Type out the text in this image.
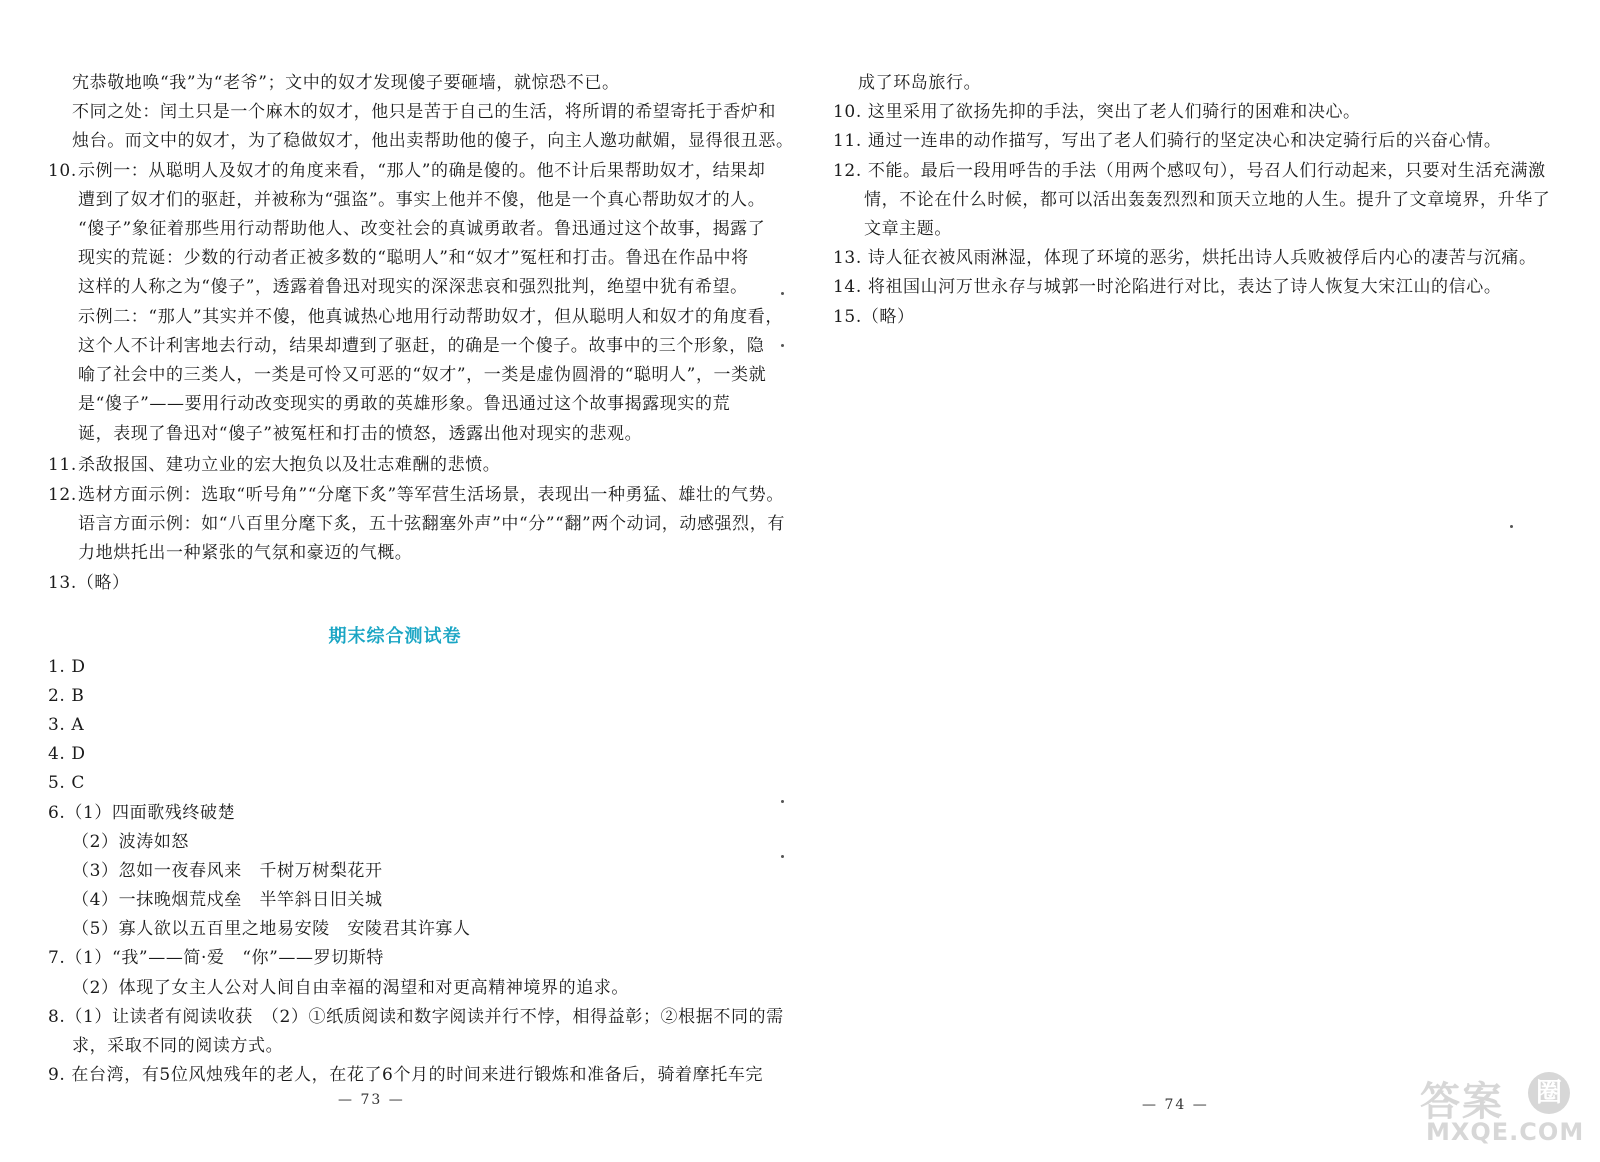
宄恭敬地唤“我”为“老爷”；文中的奴才发现傻子要砸墙，就惊恐不已。
不同之处：闰土只是一个麻木的奴才，他只是苦于自己的生活，将所谓的希望寄托于香炉和
烛台。而文中的奴才，为了稳做奴才，他出卖帮助他的傻子，向主人邀功献媚，显得很丑恶。
10. 示例一：从聪明人及奴才的角度来看，“那人”的确是傻的。他不计后果帮助奴才，结果却
遭到了奴才们的驱赶，并被称为“强盗”。事实上他并不傻，他是一个真心帮助奴才的人。
“傻子”象征着那些用行动帮助他人、改变社会的真诚勇敢者。鲁迅通过这个故事，揭露了
现实的荒诞：少数的行动者正被多数的“聪明人”和“奴才”冤枉和打击。鲁迅在作品中将
这样的人称之为“傻子”，透露着鲁迅对现实的深深悲哀和强烈批判，绝望中犹有希望。
示例二：“那人”其实并不傻，他真诚热心地用行动帮助奴才，但从聪明人和奴才的角度看，
这个人不计利害地去行动，结果却遭到了驱赶，的确是一个傻子。故事中的三个形象，隐
喻了社会中的三类人，一类是可怜又可恶的“奴才”，一类是虚伪圆滑的“聪明人”，一类就
是“傻子”——要用行动改变现实的勇敢的英雄形象。鲁迅通过这个故事揭露现实的荒
诞，表现了鲁迅对“傻子”被冤枉和打击的愤怒，透露出他对现实的悲观。
11. 杀敌报国、建功立业的宏大抱负以及壮志难酬的悲愤。
12. 选材方面示例：选取“听号角”“分麾下炙”等军营生活场景，表现出一种勇猛、雄壮的气势。
语言方面示例：如“八百里分麾下炙，五十弦翻塞外声”中“分”“翻”两个动词，动感强烈，有
力地烘托出一种紧张的气氛和豪迈的气概。
13.（略）
期末综合测试卷
1. D
2. B
3. A
4. D
5. C
6.（1）四面歌残终破楚
（2）波涛如怒
（3）忽如一夜春风来　千树万树梨花开
（4）一抹晚烟荒戍垒　半竿斜日旧关城
（5）寡人欲以五百里之地易安陵　安陵君其许寡人
7.（1）“我”——简·爱　“你”——罗切斯特
（2）体现了女主人公对人间自由幸福的渴望和对更高精神境界的追求。
8.（1）让读者有阅读收获　（2）①纸质阅读和数字阅读并行不悖，相得益彰；②根据不同的需
求，采取不同的阅读方式。
9. 在台湾，有5位风烛残年的老人，在花了6个月的时间来进行锻炼和准备后，骑着摩托车完
— 73 —
成了环岛旅行。
10. 这里采用了欲扬先抑的手法，突出了老人们骑行的困难和决心。
11. 通过一连串的动作描写，写出了老人们骑行的坚定决心和决定骑行后的兴奋心情。
12. 不能。最后一段用呼告的手法（用两个感叹句），号召人们行动起来，只要对生活充满激
情，不论在什么时候，都可以活出轰轰烈烈和顶天立地的人生。提升了文章境界，升华了
文章主题。
13. 诗人征衣被风雨淋湿，体现了环境的恶劣，烘托出诗人兵败被俘后内心的凄苦与沉痛。
14. 将祖国山河万世永存与城郭一时沦陷进行对比，表达了诗人恢复大宋江山的信心。
15.（略）
— 74 —	答案	圈
MXQE.COM
